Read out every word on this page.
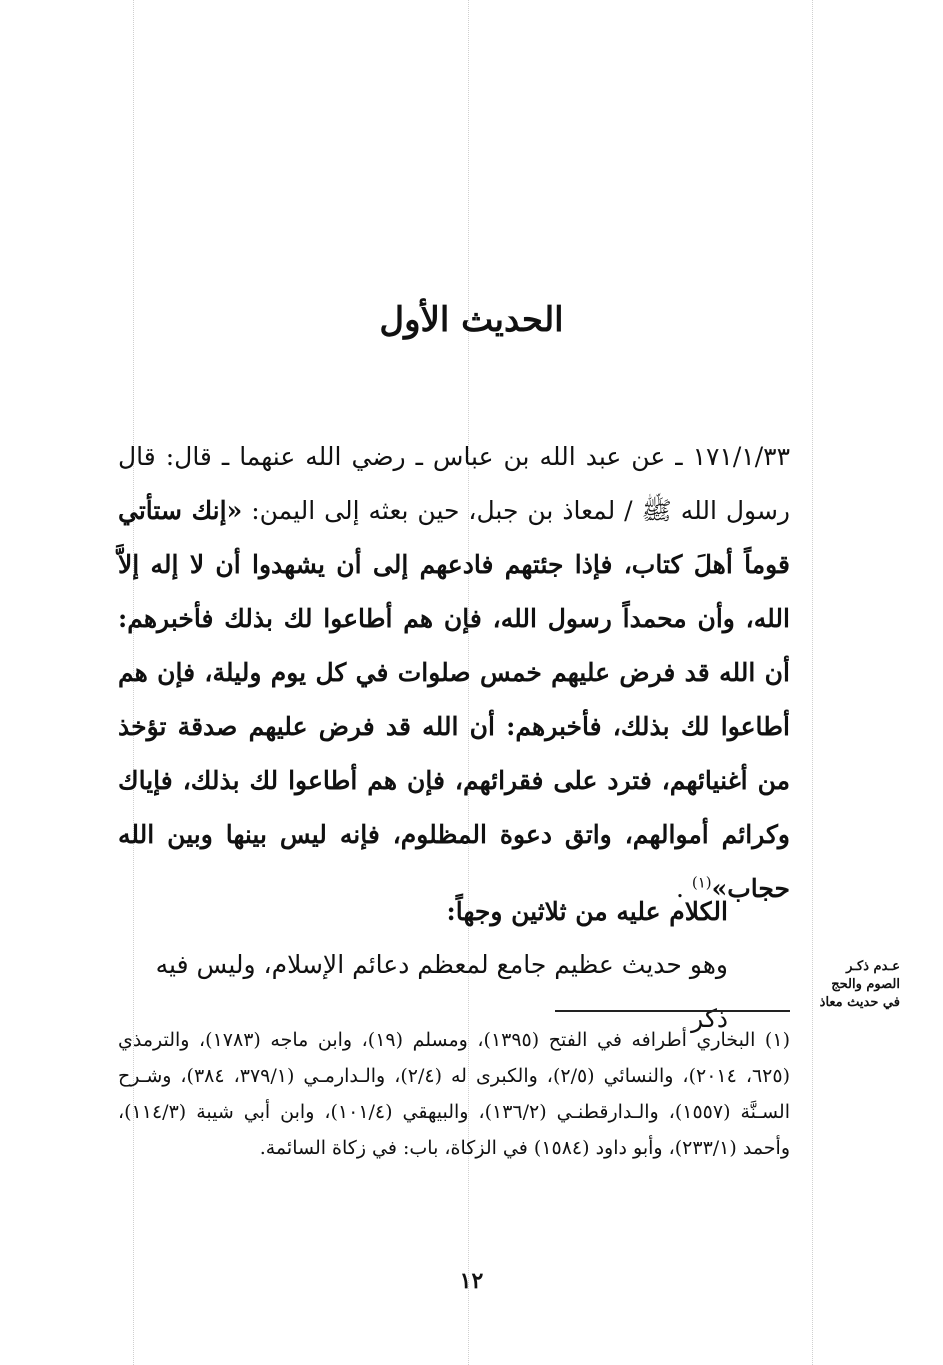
الحديث الأول

١٧١/١/٣٣ ـ عن عبد الله بن عباس ـ رضي الله عنهما ـ قال: قال رسول الله ﷺ / لمعاذ بن جبل، حين بعثه إلى اليمن: «إنك ستأتي قوماً أهلَ كتاب، فإذا جئتهم فادعهم إلى أن يشهدوا أن لا إله إلاَّ الله، وأن محمداً رسول الله، فإن هم أطاعوا لك بذلك فأخبرهم: أن الله قد فرض عليهم خمس صلوات في كل يوم وليلة، فإن هم أطاعوا لك بذلك، فأخبرهم: أن الله قد فرض عليهم صدقة تؤخذ من أغنيائهم، فترد على فقرائهم، فإن هم أطاعوا لك بذلك، فإياك وكرائم أموالهم، واتق دعوة المظلوم، فإنه ليس بينها وبين الله حجاب»$^{(١)}$ .

الكلام عليه من ثلاثين وجهاً:

وهو حديث عظيم جامع لمعظم دعائم الإسلام، وليس فيه ذكر

عـدم ذكـر
الصوم والحج
في حديث معاذ

(١) البخاري أطرافه في الفتح (١٣٩٥)، ومسلم (١٩)، وابن ماجه (١٧٨٣)، والترمذي (٦٢٥، ٢٠١٤)، والنسائي (٢/٥)، والكبرى له (٢/٤)، والـدارمـي (٣٧٩/١، ٣٨٤)، وشـرح السـنَّة (١٥٥٧)، والـدارقطنـي (١٣٦/٢)، والبيهقي (١٠١/٤)، وابن أبي شيبة (١١٤/٣)، وأحمد (٢٣٣/١)، وأبو داود (١٥٨٤) في الزكاة، باب: في زكاة السائمة.

١٢
